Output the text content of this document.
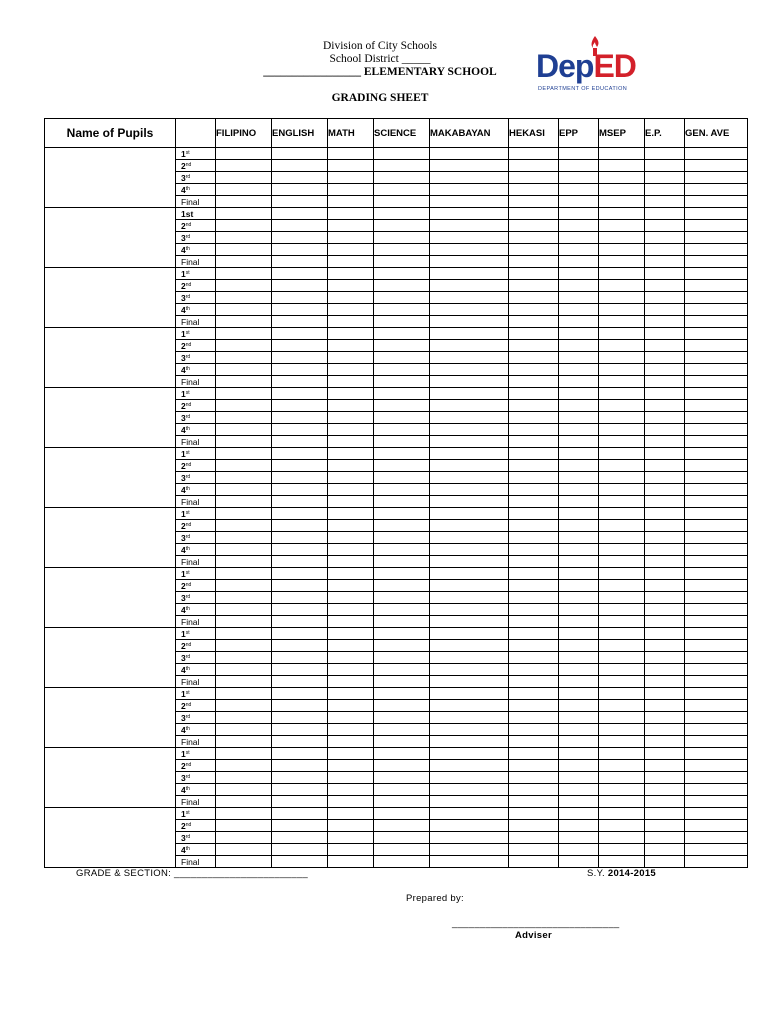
Division of City Schools
School District _____
_________________ ELEMENTARY SCHOOL
GRADING SHEET
DepED
DEPARTMENT OF EDUCATION
Name of Pupils		FILIPINO	ENGLISH	MATH	SCIENCE	MAKABAYAN	HEKASI	EPP	MSEP	E.P.	GEN. AVE
	1st										
	2nd										
	3rd										
	4th										
	Final										
	1st										
	2nd										
	3rd										
	4th										
	Final										
	1st										
	2nd										
	3rd										
	4th										
	Final										
	1st										
	2nd										
	3rd										
	4th										
	Final										
	1st										
	2nd										
	3rd										
	4th										
	Final										
	1st										
	2nd										
	3rd										
	4th										
	Final										
	1st										
	2nd										
	3rd										
	4th										
	Final										
	1st										
	2nd										
	3rd										
	4th										
	Final										
	1st										
	2nd										
	3rd										
	4th										
	Final										
	1st										
	2nd										
	3rd										
	4th										
	Final										
	1st										
	2nd										
	3rd										
	4th										
	Final										
	1st										
	2nd										
	3rd										
	4th										
	Final										
GRADE & SECTION: ________________________	S.Y. 2014-2015
Prepared by:
______________________________
Adviser
